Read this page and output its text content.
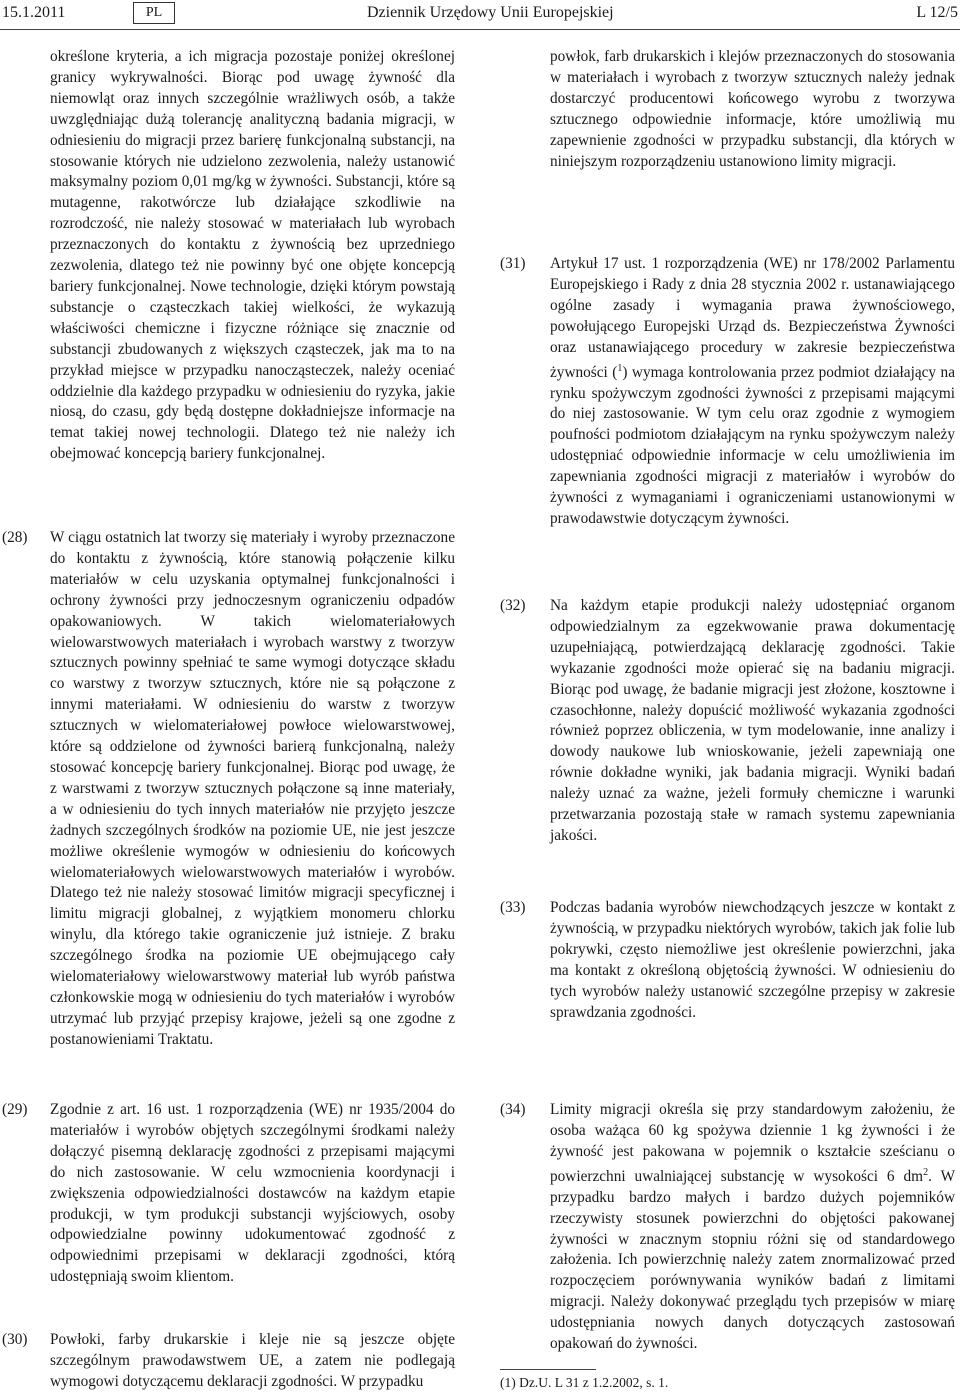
15.1.2011	PL	Dziennik Urzędowy Unii Europejskiej	L 12/5
określone kryteria, a ich migracja pozostaje poniżej określonej granicy wykrywalności. Biorąc pod uwagę żywność dla niemowląt oraz innych szczególnie wrażliwych osób, a także uwzględniając dużą tolerancję analityczną badania migracji, w odniesieniu do migracji przez barierę funkcjonalną substancji, na stosowanie których nie udzielono zezwolenia, należy ustanowić maksymalny poziom 0,01 mg/kg w żywności. Substancji, które są mutagenne, rakotwórcze lub działające szkodliwie na rozrodczość, nie należy stosować w materiałach lub wyrobach przeznaczonych do kontaktu z żywnością bez uprzedniego zezwolenia, dlatego też nie powinny być one objęte koncepcją bariery funkcjonalnej. Nowe technologie, dzięki którym powstają substancje o cząsteczkach takiej wielkości, że wykazują właściwości chemiczne i fizyczne różniące się znacznie od substancji zbudowanych z większych cząsteczek, jak ma to na przykład miejsce w przypadku nanocząsteczek, należy oceniać oddzielnie dla każdego przypadku w odniesieniu do ryzyka, jakie niosą, do czasu, gdy będą dostępne dokładniejsze informacje na temat takiej nowej technologii. Dlatego też nie należy ich obejmować koncepcją bariery funkcjonalnej.
(28) W ciągu ostatnich lat tworzy się materiały i wyroby przeznaczone do kontaktu z żywnością, które stanowią połączenie kilku materiałów w celu uzyskania optymalnej funkcjonalności i ochrony żywności przy jednoczesnym ograniczeniu odpadów opakowaniowych. W takich wielomateriałowych wielowarstwowych materiałach i wyrobach warstwy z tworzyw sztucznych powinny spełniać te same wymogi dotyczące składu co warstwy z tworzyw sztucznych, które nie są połączone z innymi materiałami. W odniesieniu do warstw z tworzyw sztucznych w wielomateriałowej powłoce wielowarstwowej, które są oddzielone od żywności barierą funkcjonalną, należy stosować koncepcję bariery funkcjonalnej. Biorąc pod uwagę, że z warstwami z tworzyw sztucznych połączone są inne materiały, a w odniesieniu do tych innych materiałów nie przyjęto jeszcze żadnych szczególnych środków na poziomie UE, nie jest jeszcze możliwe określenie wymogów w odniesieniu do końcowych wielomateriałowych wielowarstwowych materiałów i wyrobów. Dlatego też nie należy stosować limitów migracji specyficznej i limitu migracji globalnej, z wyjątkiem monomeru chlorku winylu, dla którego takie ograniczenie już istnieje. Z braku szczególnego środka na poziomie UE obejmującego cały wielomateriałowy wielowarstwowy materiał lub wyrób państwa członkowskie mogą w odniesieniu do tych materiałów i wyrobów utrzymać lub przyjąć przepisy krajowe, jeżeli są one zgodne z postanowieniami Traktatu.
(29) Zgodnie z art. 16 ust. 1 rozporządzenia (WE) nr 1935/2004 do materiałów i wyrobów objętych szczególnymi środkami należy dołączyć pisemną deklarację zgodności z przepisami mającymi do nich zastosowanie. W celu wzmocnienia koordynacji i zwiększenia odpowiedzialności dostawców na każdym etapie produkcji, w tym produkcji substancji wyjściowych, osoby odpowiedzialne powinny udokumentować zgodność z odpowiednimi przepisami w deklaracji zgodności, którą udostępniają swoim klientom.
(30) Powłoki, farby drukarskie i kleje nie są jeszcze objęte szczególnym prawodawstwem UE, a zatem nie podlegają wymogowi dotyczącemu deklaracji zgodności. W przypadku
powłok, farb drukarskich i klejów przeznaczonych do stosowania w materiałach i wyrobach z tworzyw sztucznych należy jednak dostarczyć producentowi końcowego wyrobu z tworzywa sztucznego odpowiednie informacje, które umożliwią mu zapewnienie zgodności w przypadku substancji, dla których w niniejszym rozporządzeniu ustanowiono limity migracji.
(31) Artykuł 17 ust. 1 rozporządzenia (WE) nr 178/2002 Parlamentu Europejskiego i Rady z dnia 28 stycznia 2002 r. ustanawiającego ogólne zasady i wymagania prawa żywnościowego, powołującego Europejski Urząd ds. Bezpieczeństwa Żywności oraz ustanawiającego procedury w zakresie bezpieczeństwa żywności ($^1$) wymaga kontrolowania przez podmiot działający na rynku spożywczym zgodności żywności z przepisami mającymi do niej zastosowanie. W tym celu oraz zgodnie z wymogiem poufności podmiotom działającym na rynku spożywczym należy udostępniać odpowiednie informacje w celu umożliwienia im zapewniania zgodności migracji z materiałów i wyrobów do żywności z wymaganiami i ograniczeniami ustanowionymi w prawodawstwie dotyczącym żywności.
(32) Na każdym etapie produkcji należy udostępniać organom odpowiedzialnym za egzekwowanie prawa dokumentację uzupełniającą, potwierdzającą deklarację zgodności. Takie wykazanie zgodności może opierać się na badaniu migracji. Biorąc pod uwagę, że badanie migracji jest złożone, kosztowne i czasochłonne, należy dopuścić możliwość wykazania zgodności również poprzez obliczenia, w tym modelowanie, inne analizy i dowody naukowe lub wnioskowanie, jeżeli zapewniają one równie dokładne wyniki, jak badania migracji. Wyniki badań należy uznać za ważne, jeżeli formuły chemiczne i warunki przetwarzania pozostają stałe w ramach systemu zapewniania jakości.
(33) Podczas badania wyrobów niewchodzących jeszcze w kontakt z żywnością, w przypadku niektórych wyrobów, takich jak folie lub pokrywki, często niemożliwe jest określenie powierzchni, jaka ma kontakt z określoną objętością żywności. W odniesieniu do tych wyrobów należy ustanowić szczególne przepisy w zakresie sprawdzania zgodności.
(34) Limity migracji określa się przy standardowym założeniu, że osoba ważąca 60 kg spożywa dziennie 1 kg żywności i że żywność jest pakowana w pojemnik o kształcie sześcianu o powierzchni uwalniającej substancję w wysokości 6 $dm^2$. W przypadku bardzo małych i bardzo dużych pojemników rzeczywisty stosunek powierzchni do objętości pakowanej żywności w znacznym stopniu różni się od standardowego założenia. Ich powierzchnię należy zatem znormalizować przed rozpoczęciem porównywania wyników badań z limitami migracji. Należy dokonywać przeglądu tych przepisów w miarę udostępniania nowych danych dotyczących zastosowań opakowań do żywności.
(1) Dz.U. L 31 z 1.2.2002, s. 1.
